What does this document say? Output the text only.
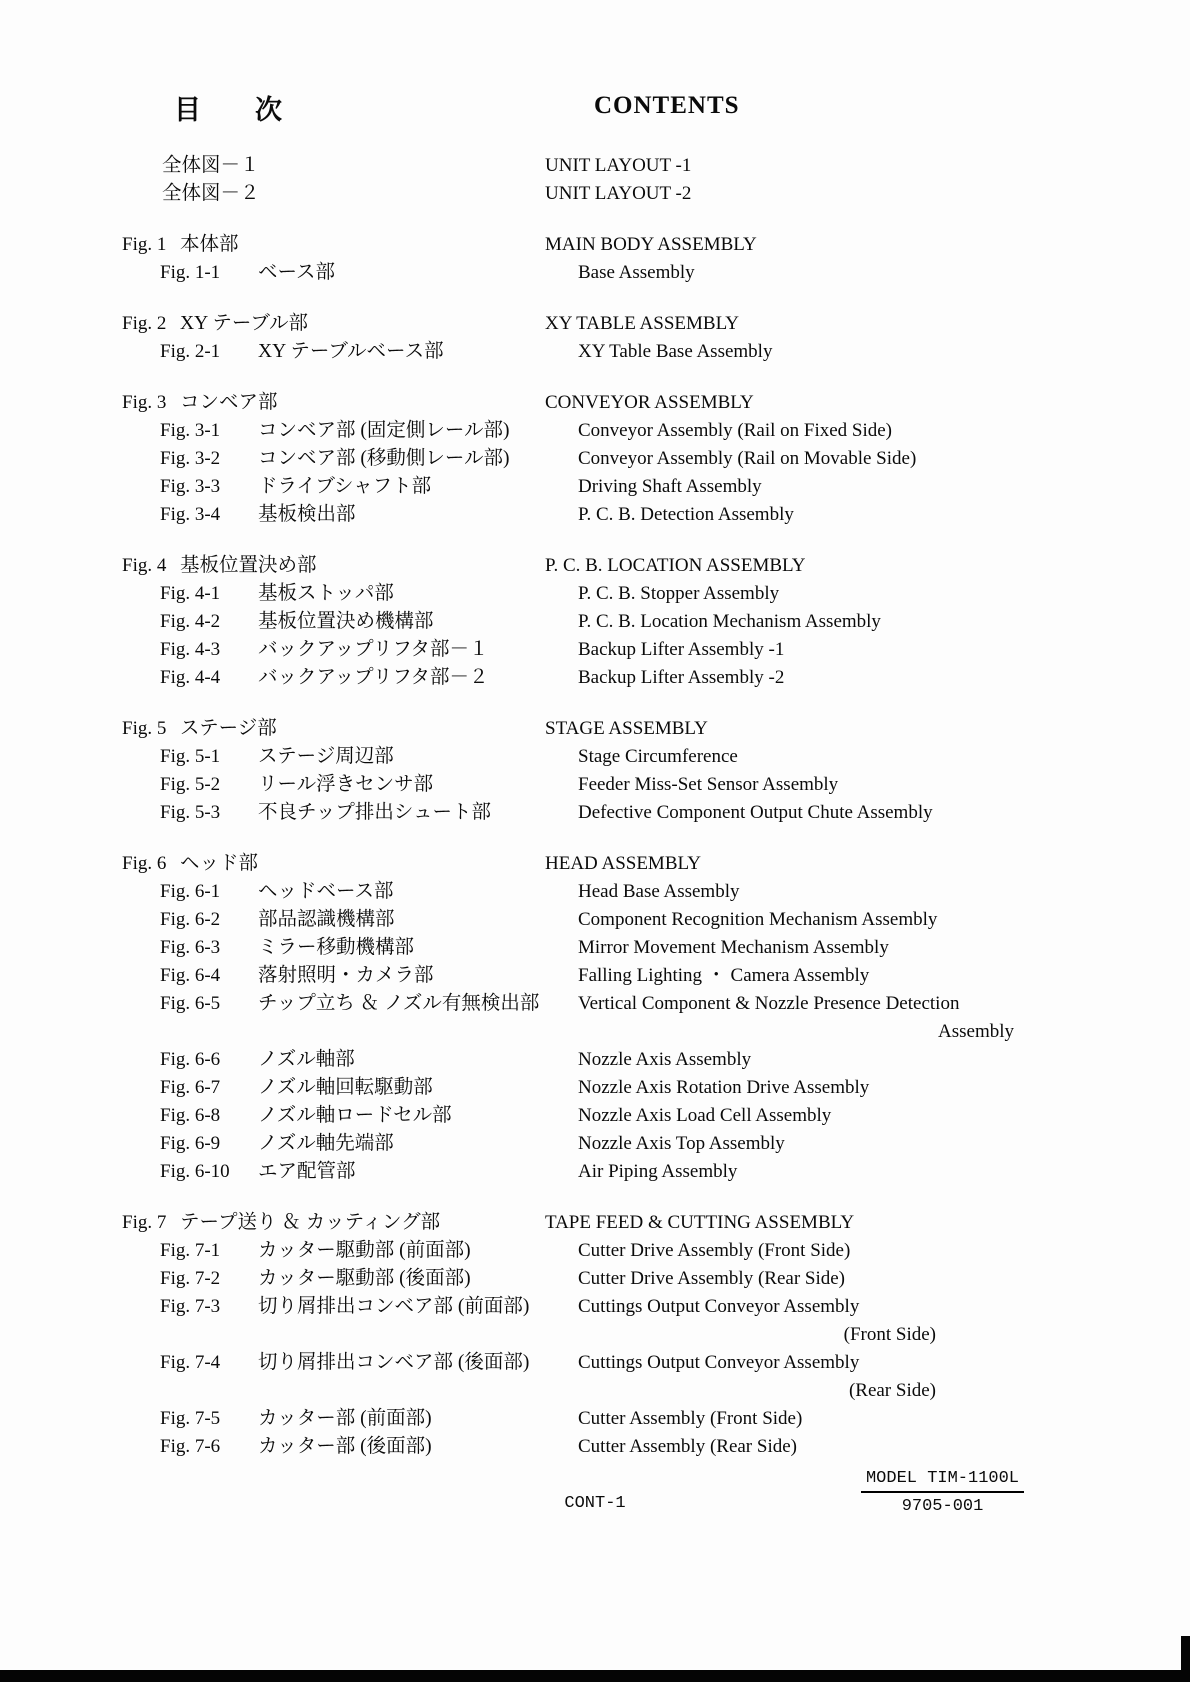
目　　次	CONTENTS
全体図－１	UNIT LAYOUT -1
全体図－２	UNIT LAYOUT -2
Fig. 1 本体部	MAIN BODY ASSEMBLY
Fig. 1-1 ベース部	Base Assembly
Fig. 2 XY テーブル部	XY TABLE ASSEMBLY
Fig. 2-1 XY テーブルベース部	XY Table Base Assembly
Fig. 3 コンベア部	CONVEYOR ASSEMBLY
Fig. 3-1 コンベア部 (固定側レール部)	Conveyor Assembly (Rail on Fixed Side)
Fig. 3-2 コンベア部 (移動側レール部)	Conveyor Assembly (Rail on Movable Side)
Fig. 3-3 ドライブシャフト部	Driving Shaft Assembly
Fig. 3-4 基板検出部	P. C. B. Detection Assembly
Fig. 4 基板位置決め部	P. C. B. LOCATION ASSEMBLY
Fig. 4-1 基板ストッパ部	P. C. B. Stopper Assembly
Fig. 4-2 基板位置決め機構部	P. C. B. Location Mechanism Assembly
Fig. 4-3 バックアップリフタ部－１	Backup Lifter Assembly -1
Fig. 4-4 バックアップリフタ部－２	Backup Lifter Assembly -2
Fig. 5 ステージ部	STAGE ASSEMBLY
Fig. 5-1 ステージ周辺部	Stage Circumference
Fig. 5-2 リール浮きセンサ部	Feeder Miss-Set Sensor Assembly
Fig. 5-3 不良チップ排出シュート部	Defective Component Output Chute Assembly
Fig. 6 ヘッド部	HEAD ASSEMBLY
Fig. 6-1 ヘッドベース部	Head Base Assembly
Fig. 6-2 部品認識機構部	Component Recognition Mechanism Assembly
Fig. 6-3 ミラー移動機構部	Mirror Movement Mechanism Assembly
Fig. 6-4 落射照明・カメラ部	Falling Lighting ・ Camera Assembly
Fig. 6-5 チップ立ち ＆ ノズル有無検出部 Vertical Component & Nozzle Presence Detection
Assembly
Fig. 6-6 ノズル軸部	Nozzle Axis Assembly
Fig. 6-7 ノズル軸回転駆動部	Nozzle Axis Rotation Drive Assembly
Fig. 6-8 ノズル軸ロードセル部	Nozzle Axis Load Cell Assembly
Fig. 6-9 ノズル軸先端部	Nozzle Axis Top Assembly
Fig. 6-10 エア配管部	Air Piping Assembly
Fig. 7 テープ送り ＆ カッティング部	TAPE FEED & CUTTING ASSEMBLY
Fig. 7-1 カッター駆動部 (前面部)	Cutter Drive Assembly (Front Side)
Fig. 7-2 カッター駆動部 (後面部)	Cutter Drive Assembly (Rear Side)
Fig. 7-3 切り屑排出コンベア部 (前面部)	Cuttings Output Conveyor Assembly
(Front Side)
Fig. 7-4 切り屑排出コンベア部 (後面部)	Cuttings Output Conveyor Assembly
(Rear Side)
Fig. 7-5 カッター部 (前面部)	Cutter Assembly (Front Side)
Fig. 7-6 カッター部 (後面部)	Cutter Assembly (Rear Side)
CONT-1
MODEL TIM-1100L
9705-001
